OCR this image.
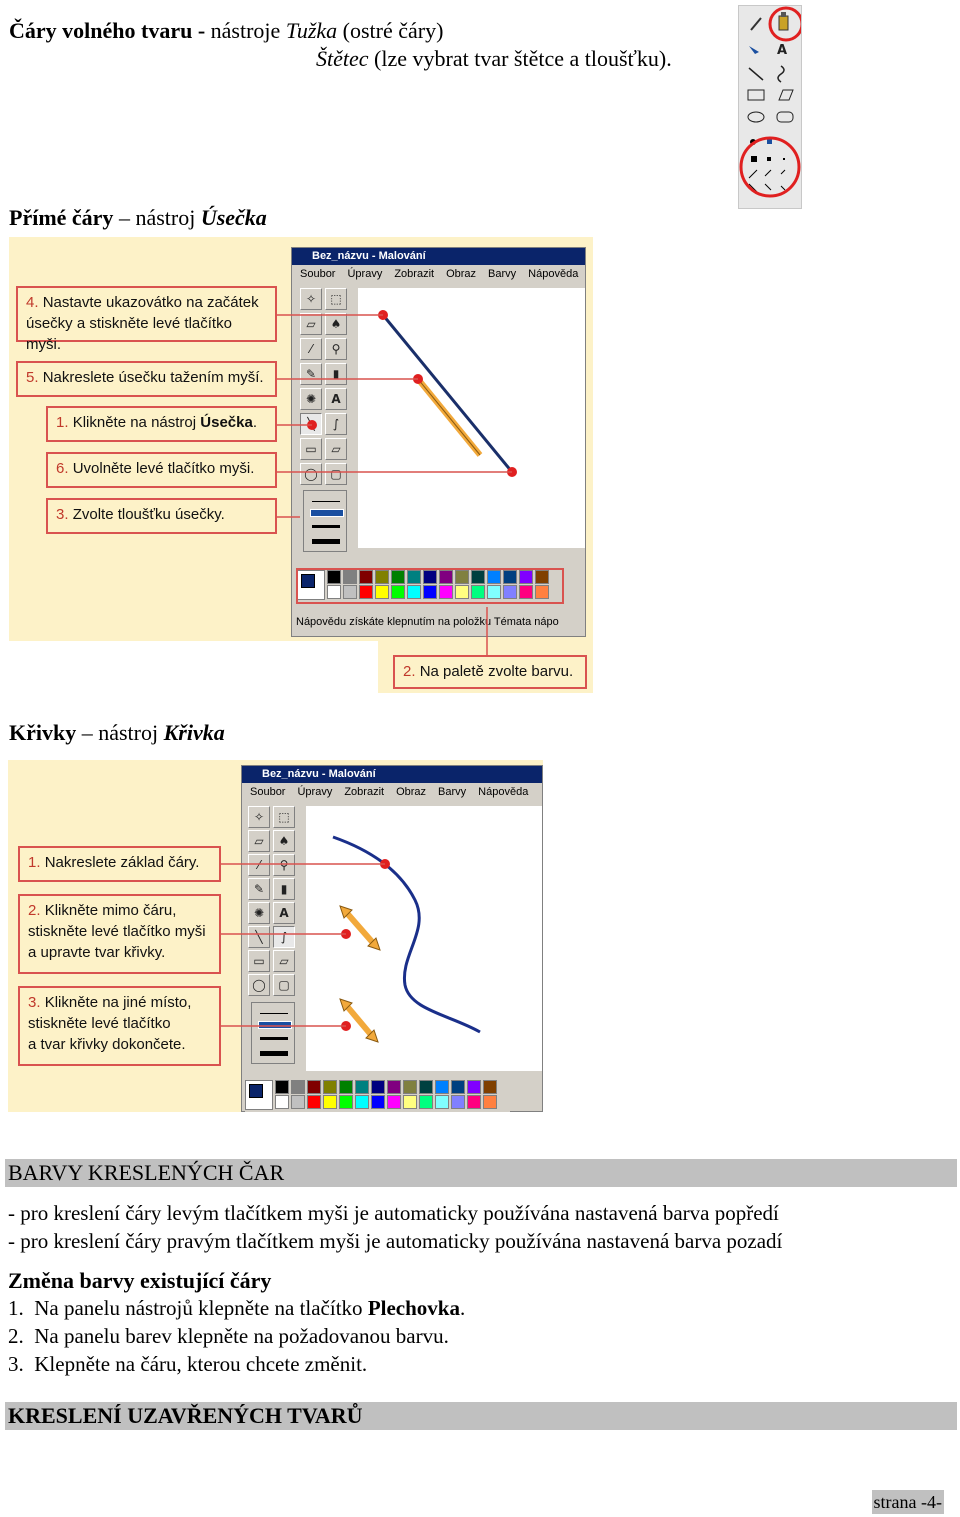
Čáry volného tvaru - nástroje Tužka (ostré čáry)
Štětec (lze vybrat tvar štětce a tloušťku).	A
Přímé čáry – nástroj Úsečka
Bez_názvu - Malování
Soubor Úpravy Zobrazit Obraz Barvy Nápověda
✧	⬚
▱	♠
⁄	⚲
✎	▮
✺	A
∫
▭	▱
◯	▢
Nápovědu získáte klepnutím na položku Témata nápo
4. Nastavte ukazovátko na začátek
úsečky a stiskněte levé tlačítko myši.
5. Nakreslete úsečku tažením myší.
1. Klikněte na nástroj Úsečka.
6. Uvolněte levé tlačítko myši.
3. Zvolte tloušťku úsečky.
2. Na paletě zvolte barvu.
Křivky – nástroj Křivka
Bez_názvu - Malování
Soubor Úpravy Zobrazit Obraz Barvy Nápověda
✧	⬚
▱	♠
⁄	⚲
✎	▮
✺	A
╲	∫
▭	▱
◯	▢
1. Nakreslete základ čáry.
2. Klikněte mimo čáru,
stiskněte levé tlačítko myši
a upravte tvar křivky.
3. Klikněte na jiné místo,
stiskněte levé tlačítko
a tvar křivky dokončete.
BARVY KRESLENÝCH ČAR
- pro kreslení čáry levým tlačítkem myši je automaticky používána nastavená barva popředí
- pro kreslení čáry pravým tlačítkem myši je automaticky používána nastavená barva pozadí
Změna barvy existující čáry
1. Na panelu nástrojů klepněte na tlačítko Plechovka.
2. Na panelu barev klepněte na požadovanou barvu.
3. Klepněte na čáru, kterou chcete změnit.
KRESLENÍ UZAVŘENÝCH TVARŮ
strana -4-
